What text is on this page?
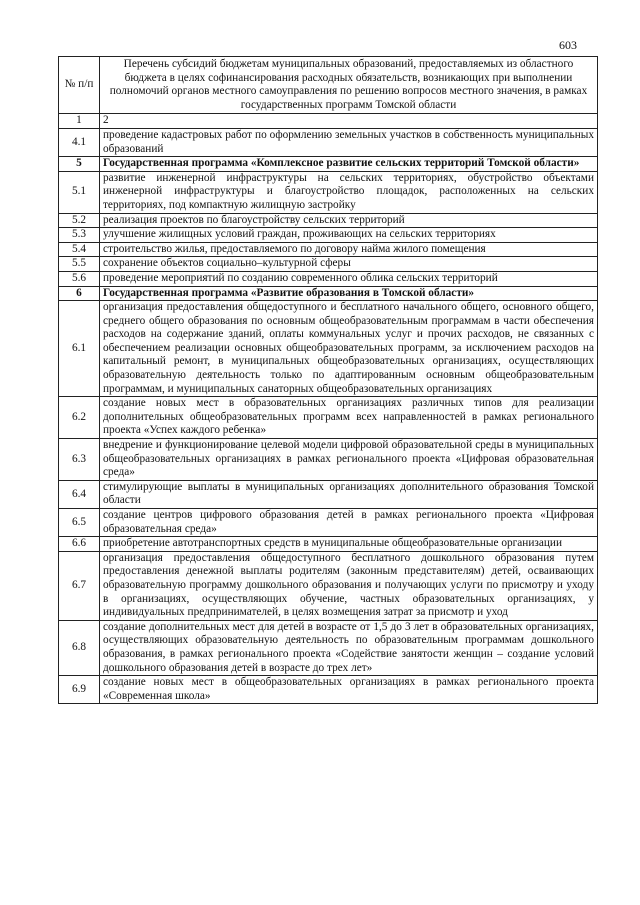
603
№ п/п	Перечень субсидий бюджетам муниципальных образований, предоставляемых из областного бюджета в целях софинансирования расходных обязательств, возникающих при выполнении полномочий органов местного самоуправления по решению вопросов местного значения, в рамках государственных программ Томской области
1	2
4.1	проведение кадастровых работ по оформлению земельных участков в собственность муниципальных образований
5	Государственная программа «Комплексное развитие сельских территорий Томской области»
5.1	развитие инженерной инфраструктуры на сельских территориях, обустройство объектами инженерной инфраструктуры и благоустройство площадок, расположенных на сельских территориях, под компактную жилищную застройку
5.2	реализация проектов по благоустройству сельских территорий
5.3	улучшение жилищных условий граждан, проживающих на сельских территориях
5.4	строительство жилья, предоставляемого по договору найма жилого помещения
5.5	сохранение объектов социально–культурной сферы
5.6	проведение мероприятий по созданию современного облика сельских территорий
6	Государственная программа «Развитие образования в Томской области»
6.1	организация предоставления общедоступного и бесплатного начального общего, основного общего, среднего общего образования по основным общеобразовательным программам в части обеспечения расходов на содержание зданий, оплаты коммунальных услуг и прочих расходов, не связанных с обеспечением реализации основных общеобразовательных программ, за исключением расходов на капитальный ремонт, в муниципальных общеобразовательных организациях, осуществляющих образовательную деятельность только по адаптированным основным общеобразовательным программам, и муниципальных санаторных общеобразовательных организациях
6.2	создание новых мест в образовательных организациях различных типов для реализации дополнительных общеобразовательных программ всех направленностей в рамках регионального проекта «Успех каждого ребенка»
6.3	внедрение и функционирование целевой модели цифровой образовательной среды в муниципальных общеобразовательных организациях в рамках регионального проекта «Цифровая образовательная среда»
6.4	стимулирующие выплаты в муниципальных организациях дополнительного образования Томской области
6.5	создание центров цифрового образования детей в рамках регионального проекта «Цифровая образовательная среда»
6.6	приобретение автотранспортных средств в муниципальные общеобразовательные организации
6.7	организация предоставления общедоступного бесплатного дошкольного образования путем предоставления денежной выплаты родителям (законным представителям) детей, осваивающих образовательную программу дошкольного образования и получающих услуги по присмотру и уходу в организациях, осуществляющих обучение, частных образовательных организациях, у индивидуальных предпринимателей, в целях возмещения затрат за присмотр и уход
6.8	создание дополнительных мест для детей в возрасте от 1,5 до 3 лет в образовательных организациях, осуществляющих образовательную деятельность по образовательным программам дошкольного образования, в рамках регионального проекта «Содействие занятости женщин – создание условий дошкольного образования детей в возрасте до трех лет»
6.9	создание новых мест в общеобразовательных организациях в рамках регионального проекта «Современная школа»
